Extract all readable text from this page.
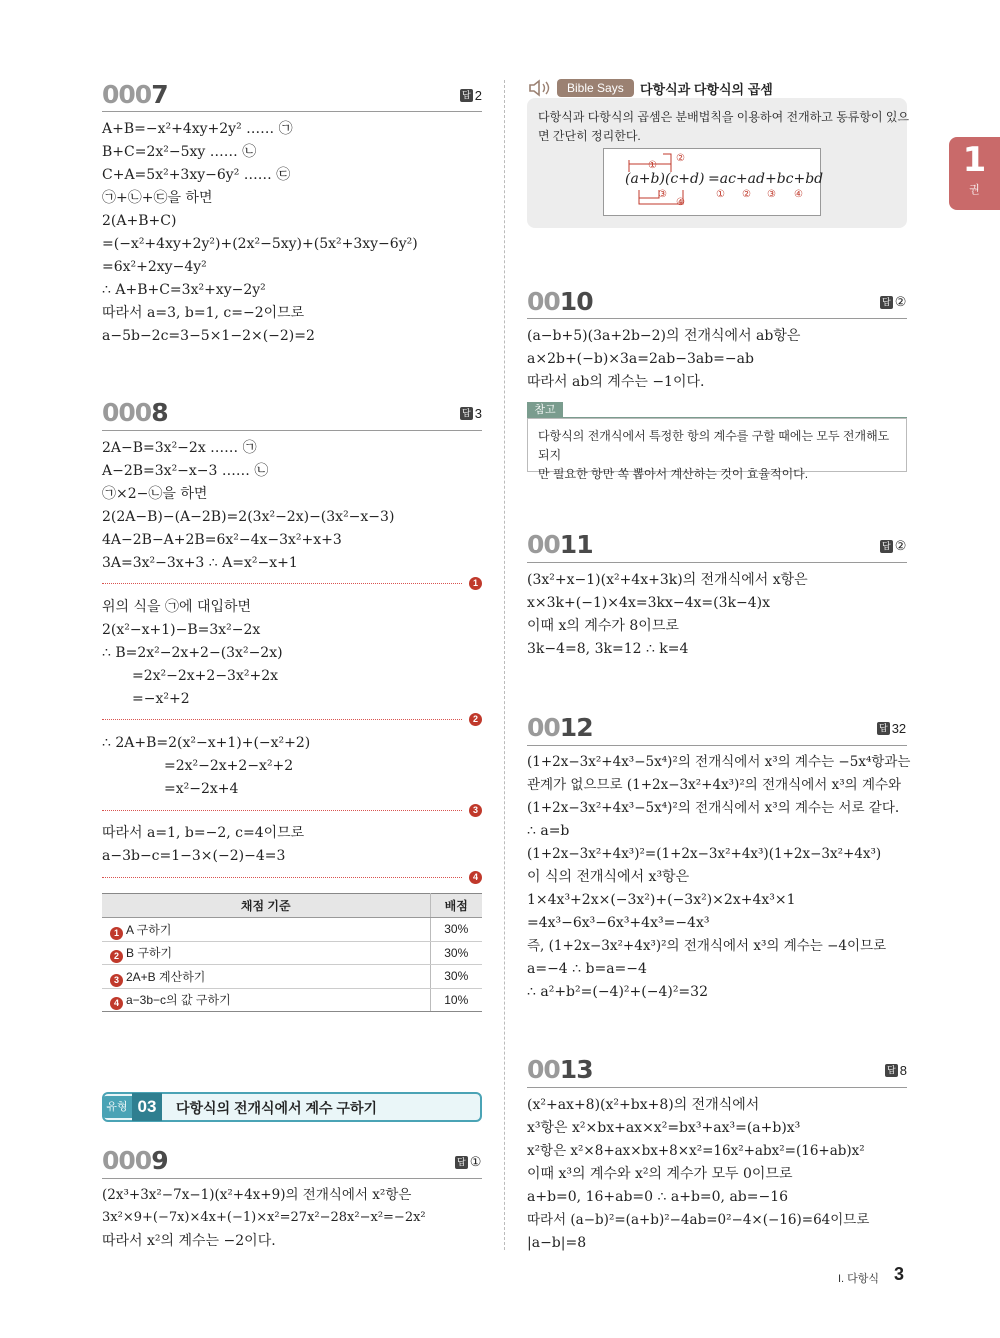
1
권
0007	답 2
A+B=−x²+4xy+2y² …… ㉠
B+C=2x²−5xy …… ㉡
C+A=5x²+3xy−6y² …… ㉢
㉠+㉡+㉢을 하면
2(A+B+C)
=(−x²+4xy+2y²)+(2x²−5xy)+(5x²+3xy−6y²)
=6x²+2xy−4y²
∴ A+B+C=3x²+xy−2y²
따라서 a=3, b=1, c=−2이므로
a−5b−2c=3−5×1−2×(−2)=2
0008	답 3
2A−B=3x²−2x …… ㉠
A−2B=3x²−x−3 …… ㉡
㉠×2−㉡을 하면
2(2A−B)−(A−2B)=2(3x²−2x)−(3x²−x−3)
4A−2B−A+2B=6x²−4x−3x²+x+3
3A=3x²−3x+3 ∴ A=x²−x+1
1
위의 식을 ㉠에 대입하면
2(x²−x+1)−B=3x²−2x
∴ B=2x²−2x+2−(3x²−2x)
=2x²−2x+2−3x²+2x
=−x²+2
2
∴ 2A+B=2(x²−x+1)+(−x²+2)
=2x²−2x+2−x²+2
=x²−2x+4
3
따라서 a=1, b=−2, c=4이므로
a−3b−c=1−3×(−2)−4=3
4
채점 기준	배점
1 A 구하기	30%
2 B 구하기	30%
3 2A+B 계산하기	30%
4 a−3b−c의 값 구하기	10%
유형 03	다항식의 전개식에서 계수 구하기
0009	답 ①
(2x³+3x²−7x−1)(x²+4x+9)의 전개식에서 x²항은
3x²×9+(−7x)×4x+(−1)×x²=27x²−28x²−x²=−2x²
따라서 x²의 계수는 −2이다.
Bible Says	다항식과 다항식의 곱셈
다항식과 다항식의 곱셈은 분배법칙을 이용하여 전개하고 동류항이 있으
면 간단히 정리한다.
(a+b)(c+d) =ac+ad+bc+bd
①
②
③
④
① ② ③ ④
0010	답 ②
(a−b+5)(3a+2b−2)의 전개식에서 ab항은
a×2b+(−b)×3a=2ab−3ab=−ab
따라서 ab의 계수는 −1이다.
참고
다항식의 전개식에서 특정한 항의 계수를 구할 때에는 모두 전개해도 되지
만 필요한 항만 쏙 뽑아서 계산하는 것이 효율적이다.
0011	답 ②
(3x²+x−1)(x²+4x+3k)의 전개식에서 x항은
x×3k+(−1)×4x=3kx−4x=(3k−4)x
이때 x의 계수가 8이므로
3k−4=8, 3k=12 ∴ k=4
0012	답 32
(1+2x−3x²+4x³−5x⁴)²의 전개식에서 x³의 계수는 −5x⁴항과는
관계가 없으므로 (1+2x−3x²+4x³)²의 전개식에서 x³의 계수와
(1+2x−3x²+4x³−5x⁴)²의 전개식에서 x³의 계수는 서로 같다.
∴ a=b
(1+2x−3x²+4x³)²=(1+2x−3x²+4x³)(1+2x−3x²+4x³)
이 식의 전개식에서 x³항은
1×4x³+2x×(−3x²)+(−3x²)×2x+4x³×1
=4x³−6x³−6x³+4x³=−4x³
즉, (1+2x−3x²+4x³)²의 전개식에서 x³의 계수는 −4이므로
a=−4 ∴ b=a=−4
∴ a²+b²=(−4)²+(−4)²=32
0013	답 8
(x²+ax+8)(x²+bx+8)의 전개식에서
x³항은 x²×bx+ax×x²=bx³+ax³=(a+b)x³
x²항은 x²×8+ax×bx+8×x²=16x²+abx²=(16+ab)x²
이때 x³의 계수와 x²의 계수가 모두 0이므로
a+b=0, 16+ab=0 ∴ a+b=0, ab=−16
따라서 (a−b)²=(a+b)²−4ab=0²−4×(−16)=64이므로
|a−b|=8
I. 다항식 3
